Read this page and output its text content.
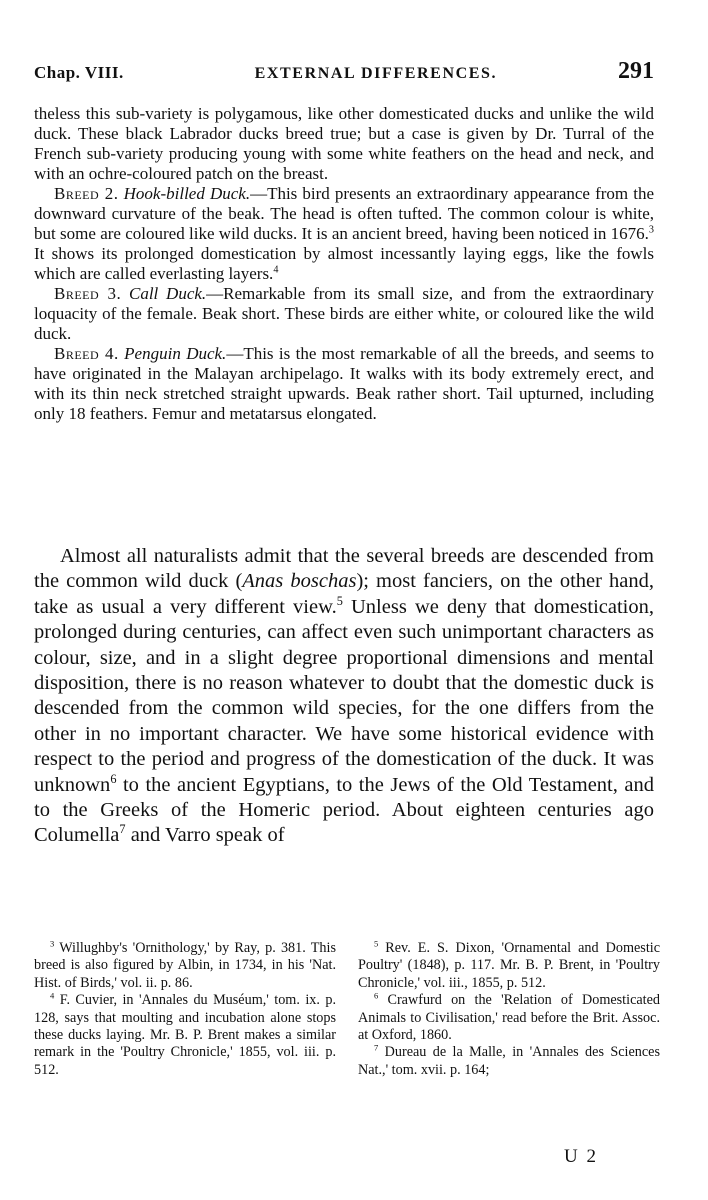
Chap. VIII.	EXTERNAL DIFFERENCES.	291

theless this sub-variety is polygamous, like other domesticated ducks and unlike the wild duck. These black Labrador ducks breed true; but a case is given by Dr. Turral of the French sub-variety producing young with some white feathers on the head and neck, and with an ochre-coloured patch on the breast.

Breed 2. Hook-billed Duck.—This bird presents an extraordinary appearance from the downward curvature of the beak. The head is often tufted. The common colour is white, but some are coloured like wild ducks. It is an ancient breed, having been noticed in 1676.$^3$ It shows its prolonged domestication by almost incessantly laying eggs, like the fowls which are called everlasting layers.$^4$

Breed 3. Call Duck.—Remarkable from its small size, and from the extraordinary loquacity of the female. Beak short. These birds are either white, or coloured like the wild duck.

Breed 4. Penguin Duck.—This is the most remarkable of all the breeds, and seems to have originated in the Malayan archipelago. It walks with its body extremely erect, and with its thin neck stretched straight upwards. Beak rather short. Tail upturned, including only 18 feathers. Femur and metatarsus elongated.

Almost all naturalists admit that the several breeds are descended from the common wild duck (Anas boschas); most fanciers, on the other hand, take as usual a very different view.$^5$ Unless we deny that domestication, prolonged during centuries, can affect even such unimportant characters as colour, size, and in a slight degree proportional dimensions and mental disposition, there is no reason whatever to doubt that the domestic duck is descended from the common wild species, for the one differs from the other in no important character. We have some historical evidence with respect to the period and progress of the domestication of the duck. It was unknown$^6$ to the ancient Egyptians, to the Jews of the Old Testament, and to the Greeks of the Homeric period. About eighteen centuries ago Columella$^7$ and Varro speak of

$^3$ Willughby's 'Ornithology,' by Ray, p. 381. This breed is also figured by Albin, in 1734, in his 'Nat. Hist. of Birds,' vol. ii. p. 86.

$^4$ F. Cuvier, in 'Annales du Muséum,' tom. ix. p. 128, says that moulting and incubation alone stops these ducks laying. Mr. B. P. Brent makes a similar remark in the 'Poultry Chronicle,' 1855, vol. iii. p. 512.

$^5$ Rev. E. S. Dixon, 'Ornamental and Domestic Poultry' (1848), p. 117. Mr. B. P. Brent, in 'Poultry Chronicle,' vol. iii., 1855, p. 512.

$^6$ Crawfurd on the 'Relation of Domesticated Animals to Civilisation,' read before the Brit. Assoc. at Oxford, 1860.

$^7$ Dureau de la Malle, in 'Annales des Sciences Nat.,' tom. xvii. p. 164;

U 2
